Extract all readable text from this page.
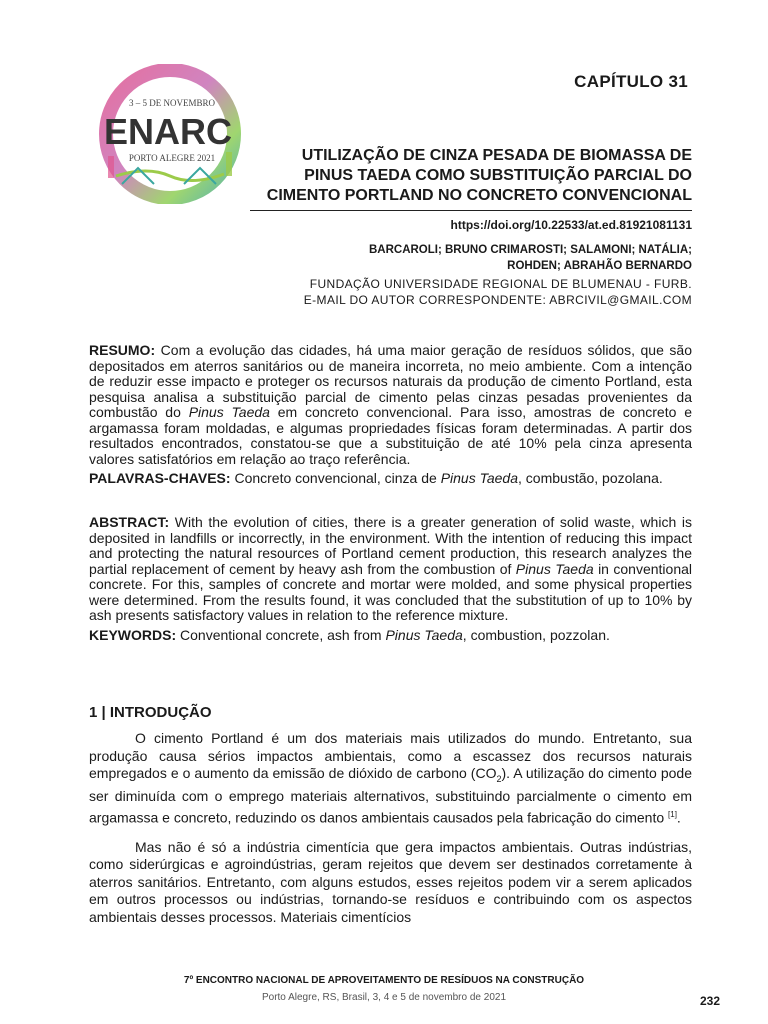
3 – 5 DE NOVEMBRO
ENARC
PORTO ALEGRE 2021
CAPÍTULO 31
UTILIZAÇÃO DE CINZA PESADA DE BIOMASSA DE
PINUS TAEDA COMO SUBSTITUIÇÃO PARCIAL DO
CIMENTO PORTLAND NO CONCRETO CONVENCIONAL
https://doi.org/10.22533/at.ed.81921081131
BARCAROLI; BRUNO CRIMAROSTI; SALAMONI; NATÁLIA;
ROHDEN; ABRAHÃO BERNARDO
FUNDAÇÃO UNIVERSIDADE REGIONAL DE BLUMENAU - FURB.
E-MAIL DO AUTOR CORRESPONDENTE: ABRCIVIL@GMAIL.COM
RESUMO: Com a evolução das cidades, há uma maior geração de resíduos sólidos, que são depositados em aterros sanitários ou de maneira incorreta, no meio ambiente. Com a intenção de reduzir esse impacto e proteger os recursos naturais da produção de cimento Portland, esta pesquisa analisa a substituição parcial de cimento pelas cinzas pesadas provenientes da combustão do Pinus Taeda em concreto convencional. Para isso, amostras de concreto e argamassa foram moldadas, e algumas propriedades físicas foram determinadas. A partir dos resultados encontrados, constatou-se que a substituição de até 10% pela cinza apresenta valores satisfatórios em relação ao traço referência.
PALAVRAS-CHAVES: Concreto convencional, cinza de Pinus Taeda, combustão, pozolana.
ABSTRACT: With the evolution of cities, there is a greater generation of solid waste, which is deposited in landfills or incorrectly, in the environment. With the intention of reducing this impact and protecting the natural resources of Portland cement production, this research analyzes the partial replacement of cement by heavy ash from the combustion of Pinus Taeda in conventional concrete. For this, samples of concrete and mortar were molded, and some physical properties were determined. From the results found, it was concluded that the substitution of up to 10% by ash presents satisfactory values in relation to the reference mixture.
KEYWORDS: Conventional concrete, ash from Pinus Taeda, combustion, pozzolan.
1 | INTRODUÇÃO

O cimento Portland é um dos materiais mais utilizados do mundo. Entretanto, sua produção causa sérios impactos ambientais, como a escassez dos recursos naturais empregados e o aumento da emissão de dióxido de carbono $(CO_2)$. A utilização do cimento pode ser diminuída com o emprego materiais alternativos, substituindo parcialmente o cimento em argamassa e concreto, reduzindo os danos ambientais causados pela fabricação do cimento [1].

Mas não é só a indústria cimentícia que gera impactos ambientais. Outras indústrias, como siderúrgicas e agroindústrias, geram rejeitos que devem ser destinados corretamente à aterros sanitários. Entretanto, com alguns estudos, esses rejeitos podem vir a serem aplicados em outros processos ou indústrias, tornando-se resíduos e contribuindo com os aspectos ambientais desses processos. Materiais cimentícios

7º ENCONTRO NACIONAL DE APROVEITAMENTO DE RESÍDUOS NA CONSTRUÇÃO
Porto Alegre, RS, Brasil, 3, 4 e 5 de novembro de 2021	232
